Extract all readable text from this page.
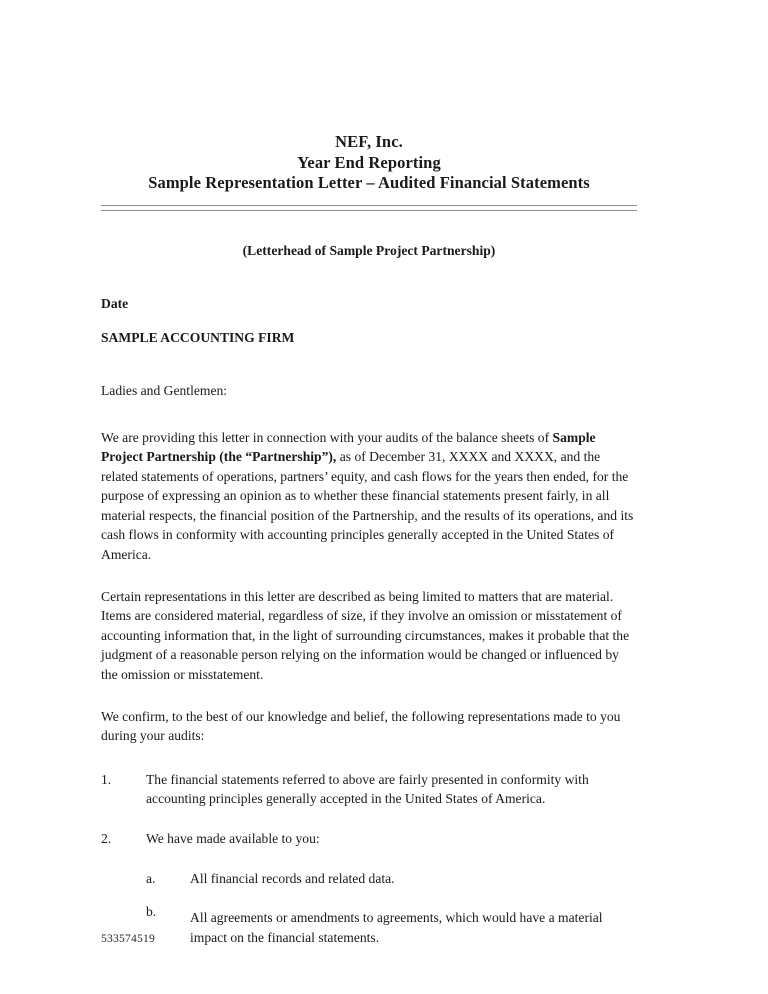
NEF, Inc.
Year End Reporting
Sample Representation Letter – Audited Financial Statements
(Letterhead of Sample Project Partnership)
Date
SAMPLE ACCOUNTING FIRM
Ladies and Gentlemen:

We are providing this letter in connection with your audits of the balance sheets of Sample Project Partnership (the “Partnership”), as of December 31, XXXX and XXXX, and the related statements of operations, partners’ equity, and cash flows for the years then ended, for the purpose of expressing an opinion as to whether these financial statements present fairly, in all material respects, the financial position of the Partnership, and the results of its operations, and its cash flows in conformity with accounting principles generally accepted in the United States of America.

Certain representations in this letter are described as being limited to matters that are material. Items are considered material, regardless of size, if they involve an omission or misstatement of accounting information that, in the light of surrounding circumstances, makes it probable that the judgment of a reasonable person relying on the information would be changed or influenced by the omission or misstatement.

We confirm, to the best of our knowledge and belief, the following representations made to you during your audits:

1.	The financial statements referred to above are fairly presented in conformity with accounting principles generally accepted in the United States of America.
2.	We have made available to you:
a.	All financial records and related data.
b. All agreements or amendments to agreements, which would have a material impact on the financial statements.
533574519
